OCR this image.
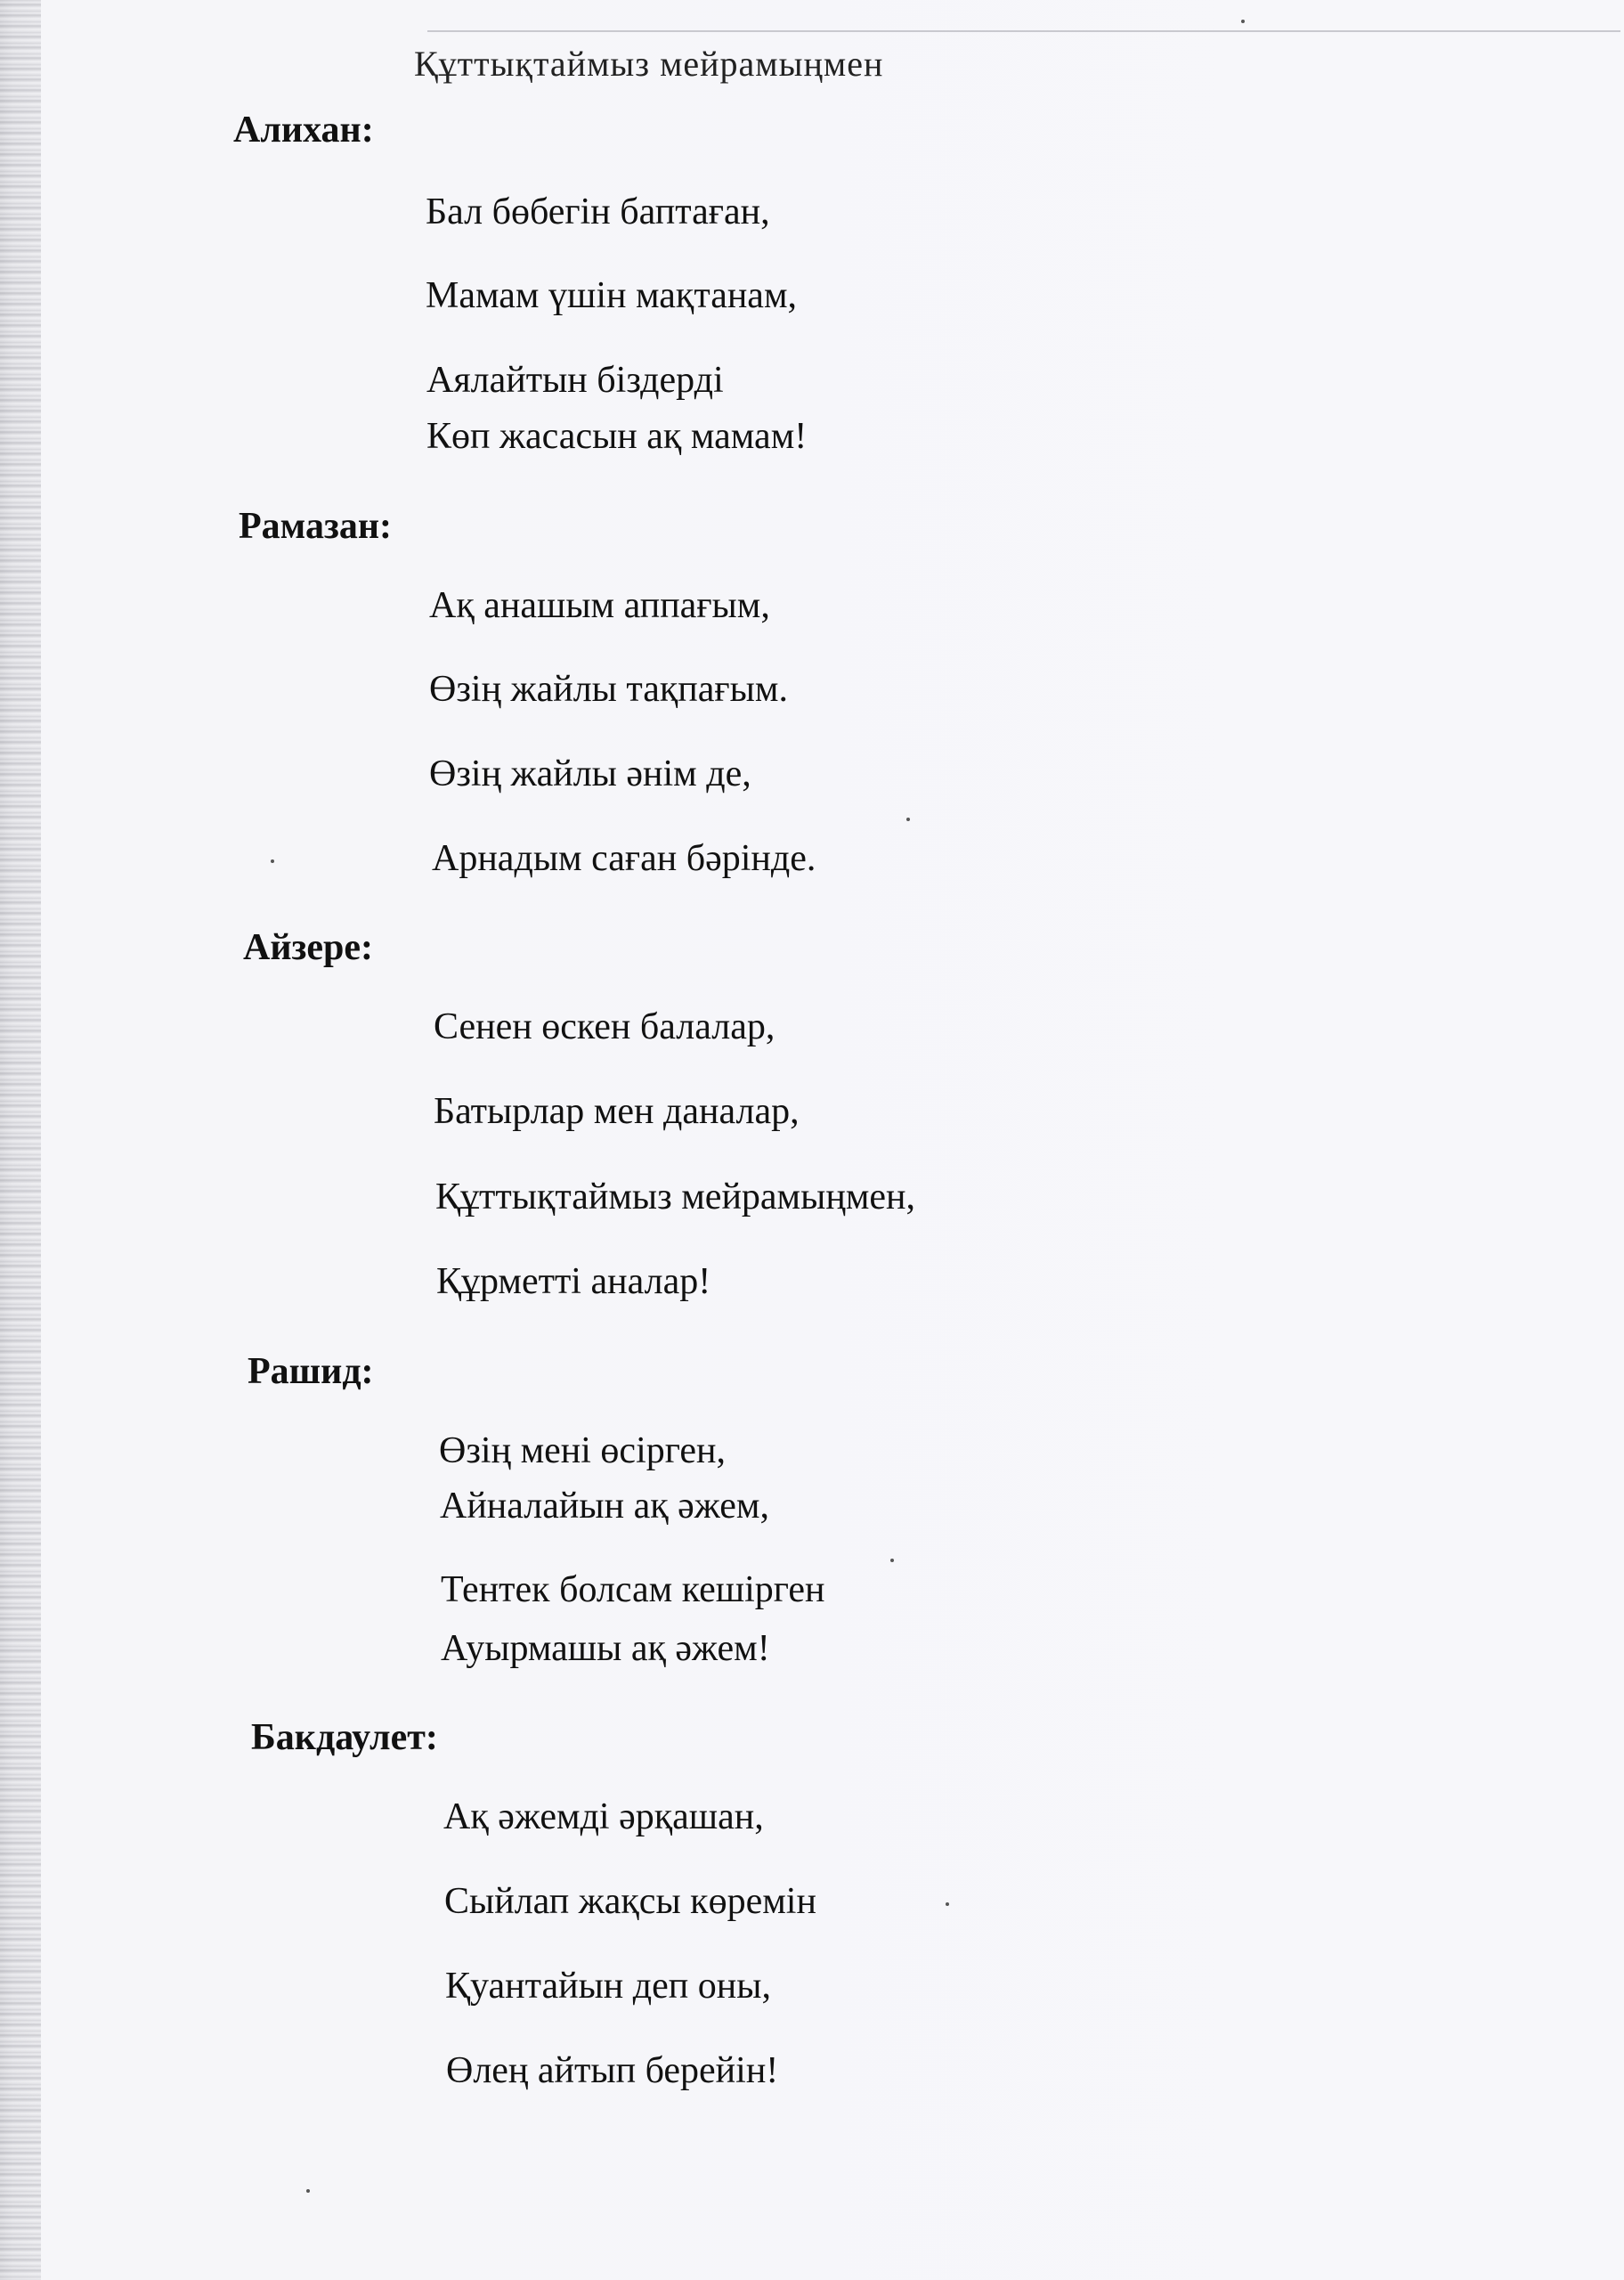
Құттықтаймыз мейрамыңмен
Алихан:
Бал бөбегін баптаған,
Мамам үшін мақтанам,
Аялайтын біздерді
Көп жасасын ақ мамам!
Рамазан:
Ақ анашым аппағым,
Өзің жайлы тақпағым.
Өзің жайлы әнім де,
Арнадым саған бәрінде.
Айзере:
Сенен өскен балалар,
Батырлар мен даналар,
Құттықтаймыз мейрамыңмен,
Құрметті аналар!
Рашид:
Өзің мені өсірген,
Айналайын ақ әжем,
Тентек болсам кешірген
Ауырмашы ақ әжем!
Бакдаулет:
Ақ әжемді әрқашан,
Сыйлап жақсы көремін
Қуантайын деп оны,
Өлең айтып берейін!
